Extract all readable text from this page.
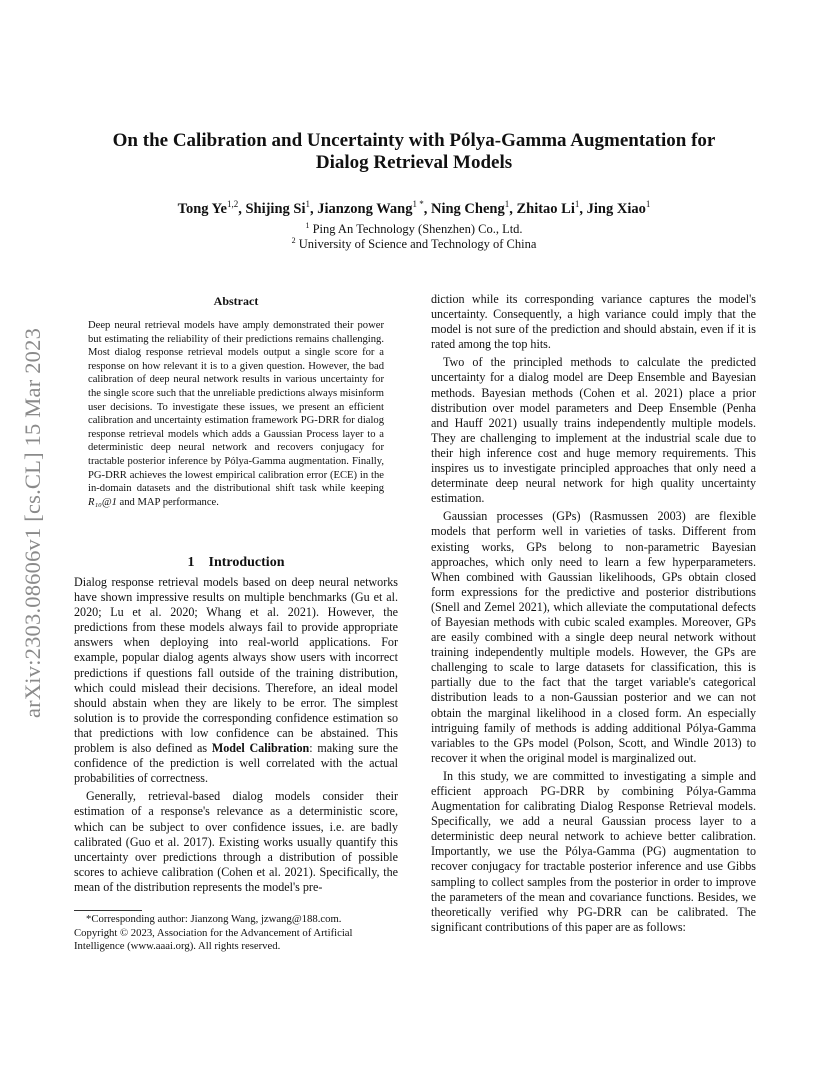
arXiv:2303.08606v1 [cs.CL] 15 Mar 2023
On the Calibration and Uncertainty with Pólya-Gamma Augmentation for
Dialog Retrieval Models
Tong Ye$^{1,2}$, Shijing Si$^1$, Jianzong Wang$^{1 *}$, Ning Cheng$^1$, Zhitao Li$^1$, Jing Xiao$^1$
$^1$ Ping An Technology (Shenzhen) Co., Ltd.
$^2$ University of Science and Technology of China
Abstract

Deep neural retrieval models have amply demonstrated their power but estimating the reliability of their predictions remains challenging. Most dialog response retrieval models output a single score for a response on how relevant it is to a given question. However, the bad calibration of deep neural network results in various uncertainty for the single score such that the unreliable predictions always misinform user decisions. To investigate these issues, we present an efficient calibration and uncertainty estimation framework PG-DRR for dialog response retrieval models which adds a Gaussian Process layer to a deterministic deep neural network and recovers conjugacy for tractable posterior inference by Pólya-Gamma augmentation. Finally, PG-DRR achieves the lowest empirical calibration error (ECE) in the in-domain datasets and the distributional shift task while keeping R₁₀@1 and MAP performance.

1 Introduction

Dialog response retrieval models based on deep neural networks have shown impressive results on multiple benchmarks (Gu et al. 2020; Lu et al. 2020; Whang et al. 2021). However, the predictions from these models always fail to provide appropriate answers when deploying into real-world applications. For example, popular dialog agents always show users with incorrect predictions if questions fall outside of the training distribution, which could mislead their decisions. Therefore, an ideal model should abstain when they are likely to be error. The simplest solution is to provide the corresponding confidence estimation so that predictions with low confidence can be abstained. This problem is also defined as Model Calibration: making sure the confidence of the prediction is well correlated with the actual probabilities of correctness.

Generally, retrieval-based dialog models consider their estimation of a response's relevance as a deterministic score, which can be subject to over confidence issues, i.e. are badly calibrated (Guo et al. 2017). Existing works usually quantify this uncertainty over predictions through a distribution of possible scores to achieve calibration (Cohen et al. 2021). Specifically, the mean of the distribution represents the model's pre-

*Corresponding author: Jianzong Wang, jzwang@188.com.

Copyright © 2023, Association for the Advancement of Artificial Intelligence (www.aaai.org). All rights reserved.

diction while its corresponding variance captures the model's uncertainty. Consequently, a high variance could imply that the model is not sure of the prediction and should abstain, even if it is rated among the top hits.

Two of the principled methods to calculate the predicted uncertainty for a dialog model are Deep Ensemble and Bayesian methods. Bayesian methods (Cohen et al. 2021) place a prior distribution over model parameters and Deep Ensemble (Penha and Hauff 2021) usually trains independently multiple models. They are challenging to implement at the industrial scale due to their high inference cost and huge memory requirements. This inspires us to investigate principled approaches that only need a determinate deep neural network for high quality uncertainty estimation.

Gaussian processes (GPs) (Rasmussen 2003) are flexible models that perform well in varieties of tasks. Different from existing works, GPs belong to non-parametric Bayesian approaches, which only need to learn a few hyperparameters. When combined with Gaussian likelihoods, GPs obtain closed form expressions for the predictive and posterior distributions (Snell and Zemel 2021), which alleviate the computational defects of Bayesian methods with cubic scaled examples. Moreover, GPs are easily combined with a single deep neural network without training independently multiple models. However, the GPs are challenging to scale to large datasets for classification, this is partially due to the fact that the target variable's categorical distribution leads to a non-Gaussian posterior and we can not obtain the marginal likelihood in a closed form. An especially intriguing family of methods is adding additional Pólya-Gamma variables to the GPs model (Polson, Scott, and Windle 2013) to recover it when the original model is marginalized out.

In this study, we are committed to investigating a simple and efficient approach PG-DRR by combining Pólya-Gamma Augmentation for calibrating Dialog Response Retrieval models. Specifically, we add a neural Gaussian process layer to a deterministic deep neural network to achieve better calibration. Importantly, we use the Pólya-Gamma (PG) augmentation to recover conjugacy for tractable posterior inference and use Gibbs sampling to collect samples from the posterior in order to improve the parameters of the mean and covariance functions. Besides, we theoretically verified why PG-DRR can be calibrated. The significant contributions of this paper are as follows:
